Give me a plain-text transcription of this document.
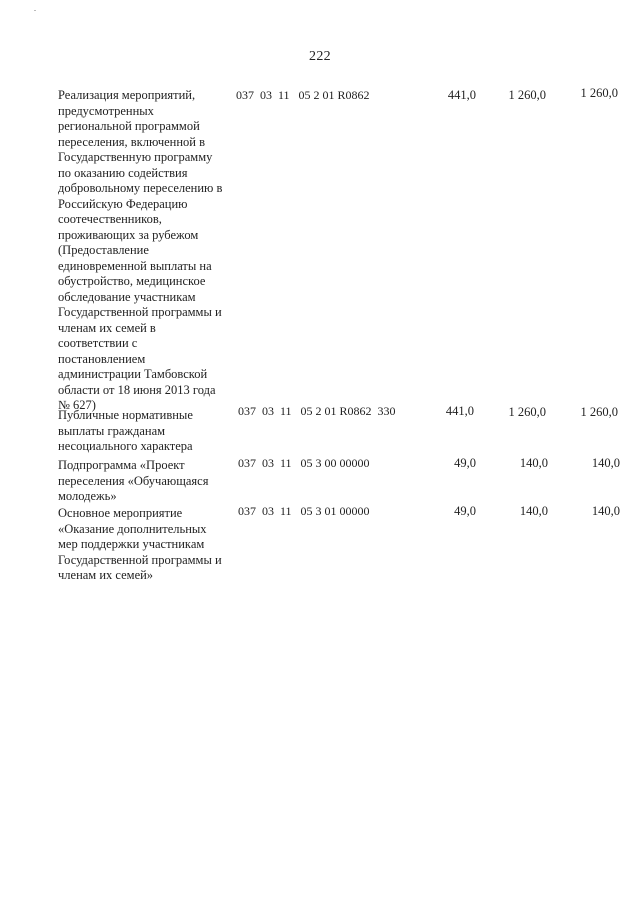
222
Реализация мероприятий,
предусмотренных
региональной программой
переселения, включенной в
Государственную программу
по оказанию содействия
добровольному переселению в
Российскую Федерацию
соотечественников,
проживающих за рубежом
(Предоставление
единовременной выплаты на
обустройство, медицинское
обследование участникам
Государственной программы и
членам их семей в
соответствии с
постановлением
администрации Тамбовской
области от 18 июня 2013 года
№ 627)
037  03  11   05 2 01 R0862	441,0	1 260,0	1 260,0
Публичные нормативные
выплаты гражданам
несоциального характера
037  03  11   05 2 01 R0862  330	441,0	1 260,0	1 260,0
Подпрограмма «Проект
переселения «Обучающаяся
молодежь»
037  03  11   05 3 00 00000	49,0	140,0	140,0
Основное мероприятие
«Оказание дополнительных
мер поддержки участникам
Государственной программы и
членам их семей»
037  03  11   05 3 01 00000	49,0	140,0	140,0
